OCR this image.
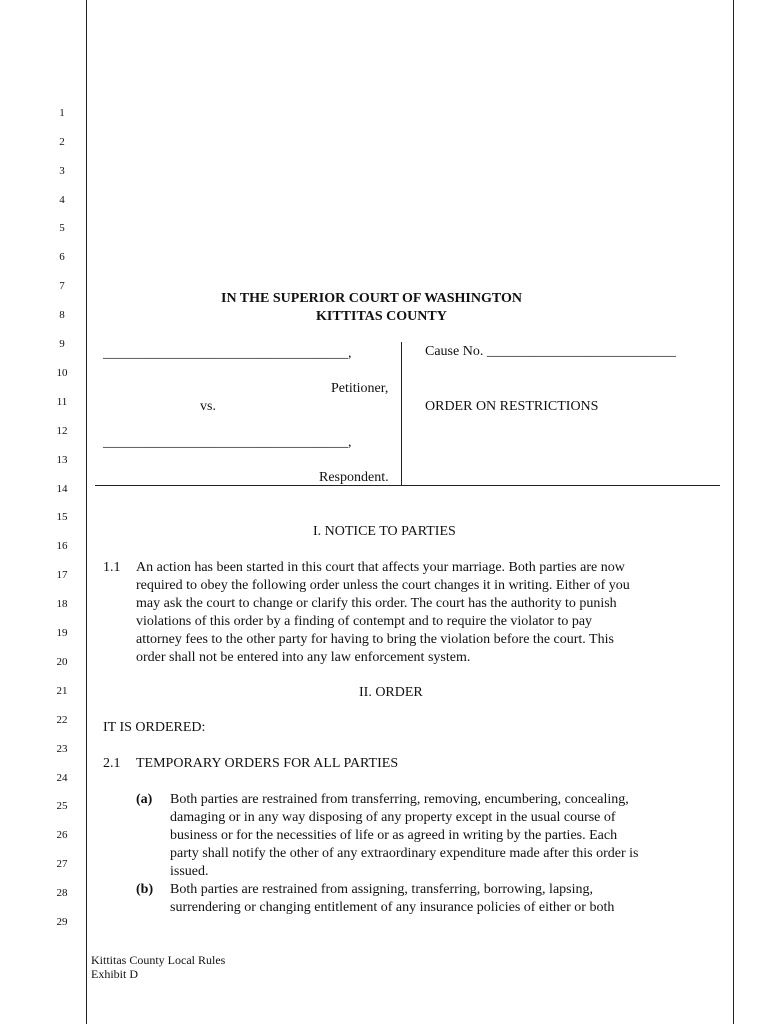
1
2
3
4
5
6
7
8
9
10
11
12
13
14
15
16
17
18
19
20
21
22
23
24
25
26
27
28
29
IN THE SUPERIOR COURT OF WASHINGTON
KITTITAS COUNTY
___________________________________,
Petitioner,
vs.
___________________________________,
Respondent.
Cause No. ___________________________
ORDER ON RESTRICTIONS
I. NOTICE TO PARTIES
1.1 An action has been started in this court that affects your marriage. Both parties are now
required to obey the following order unless the court changes it in writing. Either of you
may ask the court to change or clarify this order. The court has the authority to punish
violations of this order by a finding of contempt and to require the violator to pay
attorney fees to the other party for having to bring the violation before the court. This
order shall not be entered into any law enforcement system.
II. ORDER
IT IS ORDERED:
2.1 TEMPORARY ORDERS FOR ALL PARTIES
(a) Both parties are restrained from transferring, removing, encumbering, concealing,
damaging or in any way disposing of any property except in the usual course of
business or for the necessities of life or as agreed in writing by the parties. Each
party shall notify the other of any extraordinary expenditure made after this order is
issued.
(b) Both parties are restrained from assigning, transferring, borrowing, lapsing,
surrendering or changing entitlement of any insurance policies of either or both
Kittitas County Local Rules
Exhibit D
